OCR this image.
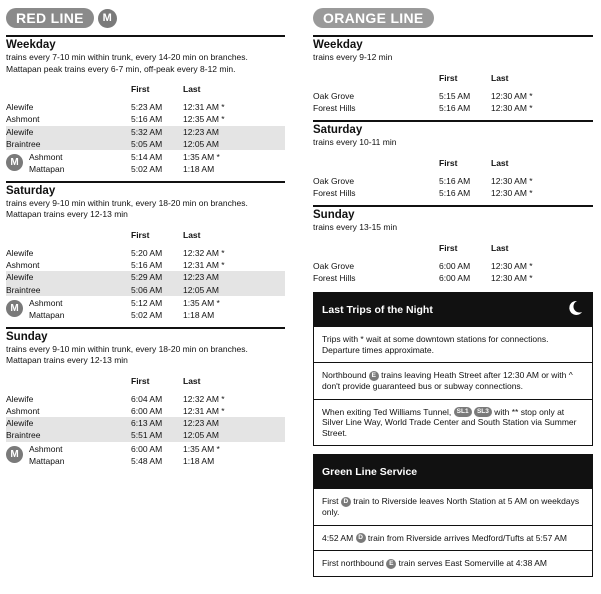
RED LINE	M
Weekday
trains every 7-10 min within trunk, every 14-20 min on branches.
Mattapan peak trains every 6-7 min, off-peak every 8-12 min.
First	Last
Alewife	5:23 AM	12:31 AM *
Ashmont	5:16 AM	12:35 AM *
Alewife	5:32 AM	12:23 AM
Braintree	5:05 AM	12:05 AM
M	Ashmont	5:14 AM	1:35 AM *
Mattapan	5:02 AM	1:18 AM
Saturday
trains every 9-10 min within trunk, every 18-20 min on branches.
Mattapan trains every 12-13 min
First	Last
Alewife	5:20 AM	12:32 AM *
Ashmont	5:16 AM	12:31 AM *
Alewife	5:29 AM	12:23 AM
Braintree	5:06 AM	12:05 AM
M	Ashmont	5:12 AM	1:35 AM *
Mattapan	5:02 AM	1:18 AM
Sunday
trains every 9-10 min within trunk, every 18-20 min on branches.
Mattapan trains every 12-13 min
First	Last
Alewife	6:04 AM	12:32 AM *
Ashmont	6:00 AM	12:31 AM *
Alewife	6:13 AM	12:23 AM
Braintree	5:51 AM	12:05 AM
M	Ashmont	6:00 AM	1:35 AM *
Mattapan	5:48 AM	1:18 AM
ORANGE LINE
Weekday
trains every 9-12 min
First	Last
Oak Grove	5:15 AM	12:30 AM *
Forest Hills	5:16 AM	12:30 AM *
Saturday
trains every 10-11 min
First	Last
Oak Grove	5:16 AM	12:30 AM *
Forest Hills	5:16 AM	12:30 AM *
Sunday
trains every 13-15 min
First	Last
Oak Grove	6:00 AM	12:30 AM *
Forest Hills	6:00 AM	12:30 AM *
Last Trips of the Night
Trips with * wait at some downtown stations for connections. Departure times approximate.
Northbound E trains leaving Heath Street after 12:30 AM or with ^ don't provide guaranteed bus or subway connections.
When exiting Ted Williams Tunnel, SL1 SL3 with ** stop only at Silver Line Way, World Trade Center and South Station via Summer Street.
Green Line Service
First D train to Riverside leaves North Station at 5 AM on weekdays only.
4:52 AM D train from Riverside arrives Medford/Tufts at 5:57 AM
First northbound E train serves East Somerville at 4:38 AM
